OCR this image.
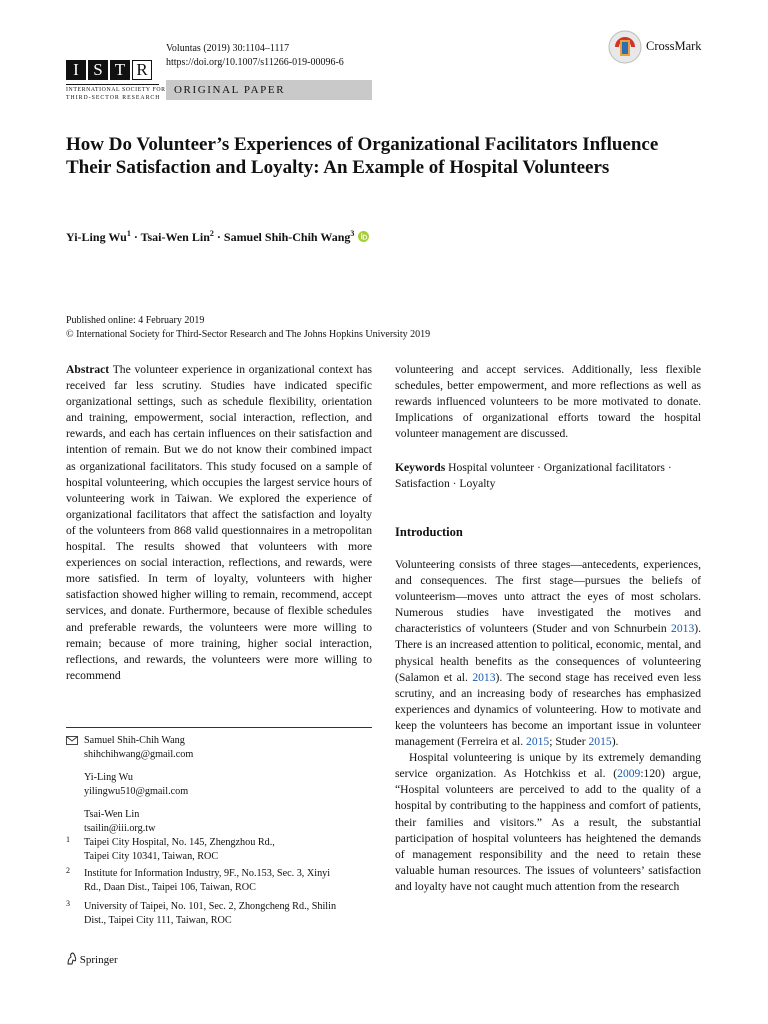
I S T R
INTERNATIONAL SOCIETY FOR
THIRD-SECTOR RESEARCH
Voluntas (2019) 30:1104–1117
https://doi.org/10.1007/s11266-019-00096-6
ORIGINAL PAPER
CrossMark
How Do Volunteer’s Experiences of Organizational Facilitators Influence Their Satisfaction and Loyalty: An Example of Hospital Volunteers
Yi-Ling $Wu^1$ · Tsai-Wen Lin$^2$ · Samuel Shih-Chih Wang$^3$
Published online: 4 February 2019
© International Society for Third-Sector Research and The Johns Hopkins University 2019
Abstract The volunteer experience in organizational context has received far less scrutiny. Studies have indicated specific organizational settings, such as schedule flexibility, orientation and training, empowerment, social interaction, reflection, and rewards, and each has certain influences on their satisfaction and intention of remain. But we do not know their combined impact as organizational facilitators. This study focused on a sample of hospital volunteering, which occupies the largest service hours of volunteering work in Taiwan. We explored the experience of organizational facilitators that affect the satisfaction and loyalty of the volunteers from 868 valid questionnaires in a metropolitan hospital. The results showed that volunteers with more experiences on social interaction, reflections, and rewards, were more satisfied. In term of loyalty, volunteers with higher satisfaction showed higher willing to remain, recommend, accept services, and donate. Furthermore, because of flexible schedules and preferable rewards, the volunteers were more willing to remain; because of more training, higher social interaction, reflections, and rewards, the volunteers were more willing to recommend
volunteering and accept services. Additionally, less flexible schedules, better empowerment, and more reflections as well as rewards influenced volunteers to be more motivated to donate. Implications of organizational efforts toward the hospital volunteer management are discussed.
Keywords Hospital volunteer · Organizational facilitators · Satisfaction · Loyalty
Introduction
Volunteering consists of three stages—antecedents, experiences, and consequences. The first stage—pursues the beliefs of volunteerism—moves unto attract the eyes of most scholars. Numerous studies have investigated the motives and characteristics of volunteers (Studer and von Schnurbein 2013). There is an increased attention to political, economic, mental, and physical health benefits as the consequences of volunteering (Salamon et al. 2013). The second stage has received even less scrutiny, and an increasing body of researches has emphasized experiences and dynamics of volunteering. How to motivate and keep the volunteers has become an important issue in volunteer management (Ferreira et al. 2015; Studer 2015).
Hospital volunteering is unique by its extremely demanding service organization. As Hotchkiss et al. (2009:120) argue, “Hospital volunteers are perceived to add to the quality of a hospital by contributing to the happiness and comfort of patients, their families and visitors.” As a result, the substantial participation of hospital volunteers has heightened the demands of management responsibility and the need to retain these valuable human resources. The issues of volunteers’ satisfaction and loyalty have not caught much attention from the research
Samuel Shih-Chih Wang
shihchihwang@gmail.com
Yi-Ling Wu
yilingwu510@gmail.com
Tsai-Wen Lin
tsailin@iii.org.tw
1 Taipei City Hospital, No. 145, Zhengzhou Rd.,
Taipei City 10341, Taiwan, ROC
2 Institute for Information Industry, 9F., No.153, Sec. 3, Xinyi
Rd., Daan Dist., Taipei 106, Taiwan, ROC
3 University of Taipei, No. 101, Sec. 2, Zhongcheng Rd., Shilin
Dist., Taipei City 111, Taiwan, ROC
Springer
